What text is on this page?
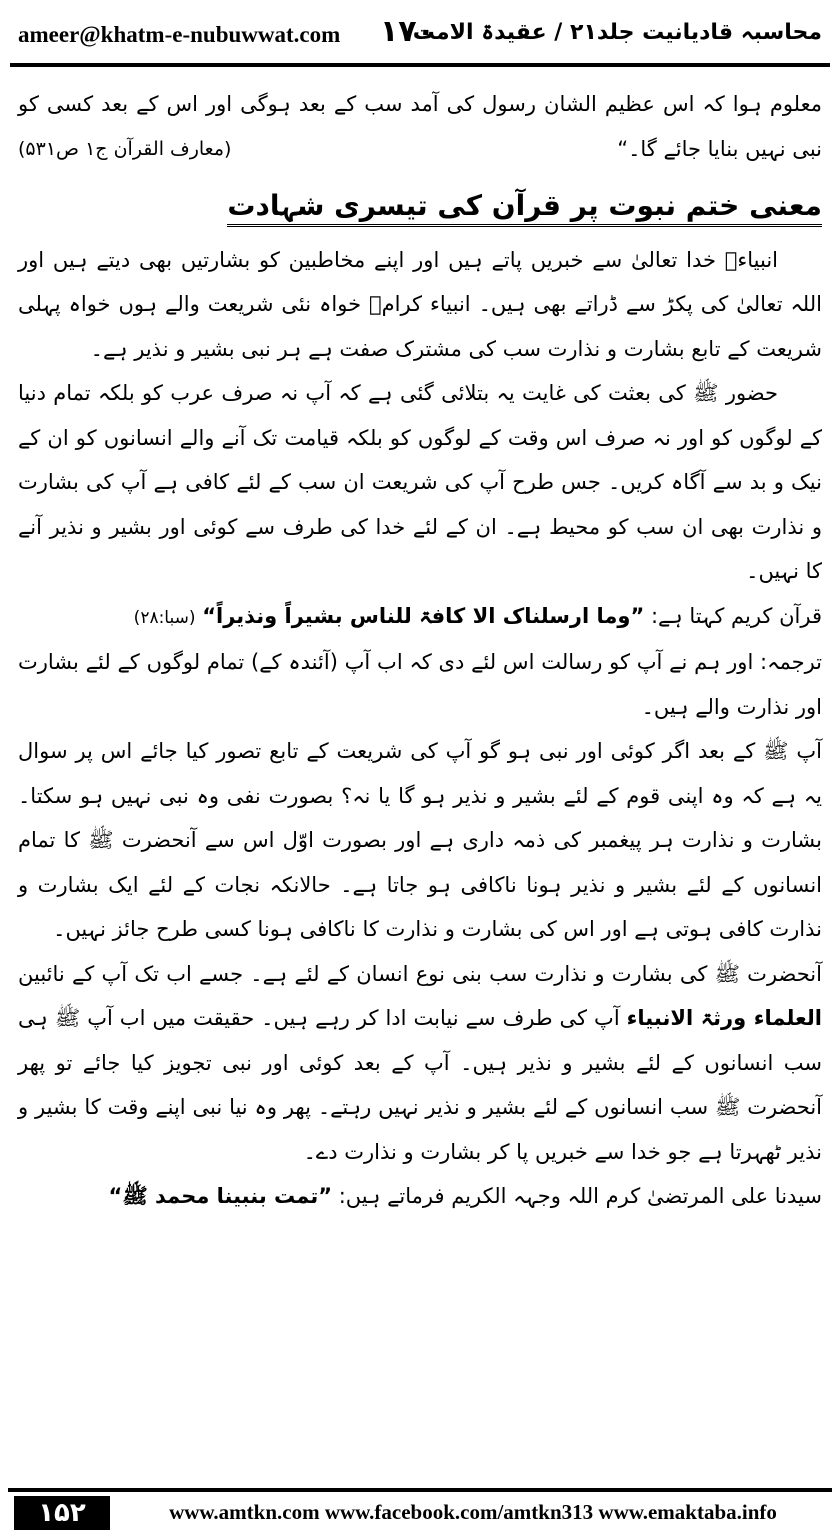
ameer@khatm-e-nubuwwat.com ۱۷۰
محاسبہ قادیانیت جلد۲۱ / عقیدۃ الامت

معلوم ہوا کہ اس عظیم الشان رسول کی آمد سب کے بعد ہوگی اور اس کے بعد کسی کو نبی نہیں بنایا جائے گا۔“

(معارف القرآن ج۱ ص۵۳۱)
معنی ختم نبوت پر قرآن کی تیسری شہادت

انبیاءؑ خدا تعالیٰ سے خبریں پاتے ہیں اور اپنے مخاطبین کو بشارتیں بھی دیتے ہیں اور اللہ تعالیٰ کی پکڑ سے ڈراتے بھی ہیں۔ انبیاء کرامؑ خواہ نئی شریعت والے ہوں خواہ پہلی شریعت کے تابع بشارت و نذارت سب کی مشترک صفت ہے ہر نبی بشیر و نذیر ہے۔

حضور ﷺ کی بعثت کی غایت یہ بتلائی گئی ہے کہ آپ نہ صرف عرب کو بلکہ تمام دنیا کے لوگوں کو اور نہ صرف اس وقت کے لوگوں کو بلکہ قیامت تک آنے والے انسانوں کو ان کے نیک و بد سے آگاہ کریں۔ جس طرح آپ کی شریعت ان سب کے لئے کافی ہے آپ کی بشارت و نذارت بھی ان سب کو محیط ہے۔ ان کے لئے خدا کی طرف سے کوئی اور بشیر و نذیر آنے کا نہیں۔

قرآن کریم کہتا ہے: ”وما ارسلناک الا کافۃ للناس بشیراً ونذیراً“ (سبا:۲۸)

ترجمہ: اور ہم نے آپ کو رسالت اس لئے دی کہ اب آپ (آئندہ کے) تمام لوگوں کے لئے بشارت اور نذارت والے ہیں۔

آپ ﷺ کے بعد اگر کوئی اور نبی ہو گو آپ کی شریعت کے تابع تصور کیا جائے اس پر سوال یہ ہے کہ وہ اپنی قوم کے لئے بشیر و نذیر ہو گا یا نہ؟ بصورت نفی وہ نبی نہیں ہو سکتا۔ بشارت و نذارت ہر پیغمبر کی ذمہ داری ہے اور بصورت اوّل اس سے آنحضرت ﷺ کا تمام انسانوں کے لئے بشیر و نذیر ہونا ناکافی ہو جاتا ہے۔ حالانکہ نجات کے لئے ایک بشارت و نذارت کافی ہوتی ہے اور اس کی بشارت و نذارت کا ناکافی ہونا کسی طرح جائز نہیں۔

آنحضرت ﷺ کی بشارت و نذارت سب بنی نوع انسان کے لئے ہے۔ جسے اب تک آپ کے نائبین العلماء ورثۃ الانبیاء آپ کی طرف سے نیابت ادا کر رہے ہیں۔ حقیقت میں اب آپ ﷺ ہی سب انسانوں کے لئے بشیر و نذیر ہیں۔ آپ کے بعد کوئی اور نبی تجویز کیا جائے تو پھر آنحضرت ﷺ سب انسانوں کے لئے بشیر و نذیر نہیں رہتے۔ پھر وہ نیا نبی اپنے وقت کا بشیر و نذیر ٹھہرتا ہے جو خدا سے خبریں پا کر بشارت و نذارت دے۔

سیدنا علی المرتضیٰ کرم اللہ وجہہ الکریم فرماتے ہیں: ”تمت بنبینا محمد ﷺ“

۱۵۲	www.amtkn.com www.facebook.com/amtkn313 www.emaktaba.info
